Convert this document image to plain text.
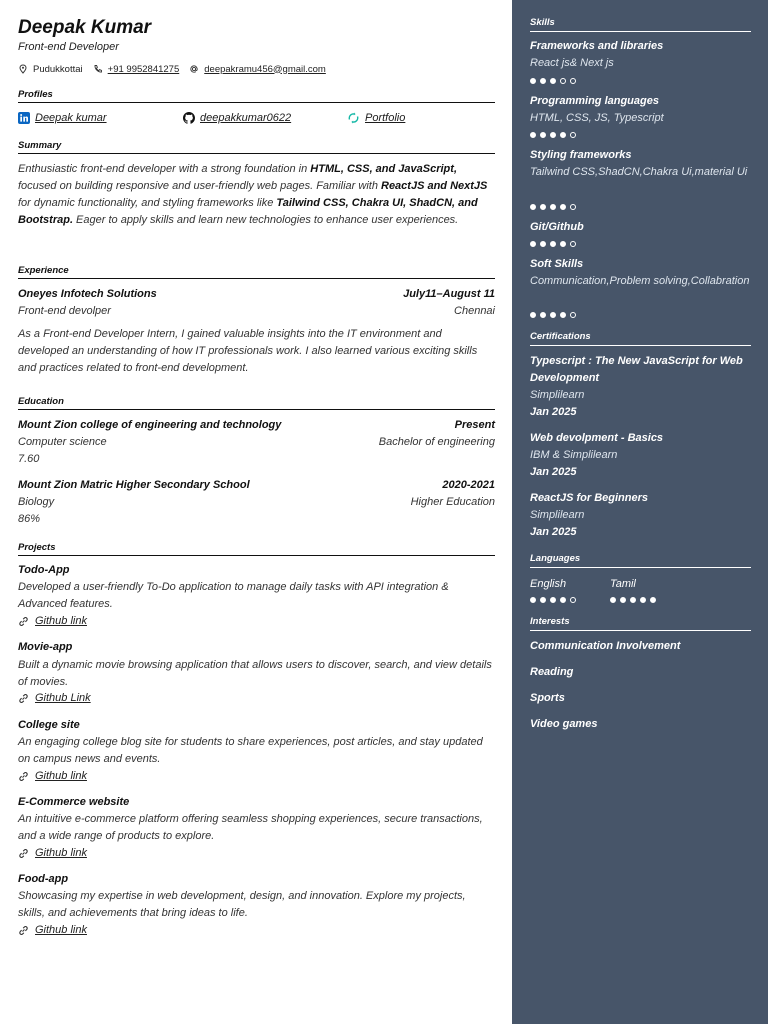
Deepak Kumar
Front-end Developer
Pudukkottai	+91 9952841275	deepakramu456@gmail.com
Profiles
Deepak kumar	deepakkumar0622	Portfolio
Summary
Enthusiastic front-end developer with a strong foundation in HTML, CSS, and JavaScript, focused on building responsive and user-friendly web pages. Familiar with ReactJS and NextJS for dynamic functionality, and styling frameworks like Tailwind CSS, Chakra UI, ShadCN, and Bootstrap. Eager to apply skills and learn new technologies to enhance user experiences.
Experience
Oneyes Infotech Solutions	July11–August 11
Front-end devolper	Chennai
As a Front-end Developer Intern, I gained valuable insights into the IT environment and developed an understanding of how IT professionals work. I also learned various exciting skills and practices related to front-end development.
Education
Mount Zion college of engineering and technology	Present
Computer science	Bachelor of engineering
7.60
Mount Zion Matric Higher Secondary School	2020-2021
Biology	Higher Education
86%
Projects
Todo-App
Developed a user-friendly To-Do application to manage daily tasks with API integration & Advanced features.
Github link
Movie-app
Built a dynamic movie browsing application that allows users to discover, search, and view details of movies.
Github Link
College site
An engaging college blog site for students to share experiences, post articles, and stay updated on campus news and events.
Github link
E-Commerce website
An intuitive e-commerce platform offering seamless shopping experiences, secure transactions, and a wide range of products to explore.
Github link
Food-app
Showcasing my expertise in web development, design, and innovation. Explore my projects, skills, and achievements that bring ideas to life.
Github link
Skills
Frameworks and libraries
React js& Next js
Programming languages
HTML, CSS, JS, Typescript
Styling frameworks
Tailwind CSS,ShadCN,Chakra Ui,material Ui
Git/Github
Soft Skills
Communication,Problem solving,Collabration
Certifications
Typescript : The New JavaScript for Web Development
Simplilearn
Jan 2025
Web devolpment - Basics
IBM & Simplilearn
Jan 2025
ReactJS for Beginners
Simplilearn
Jan 2025
Languages
English	Tamil
Interests
Communication Involvement
Reading
Sports
Video games
